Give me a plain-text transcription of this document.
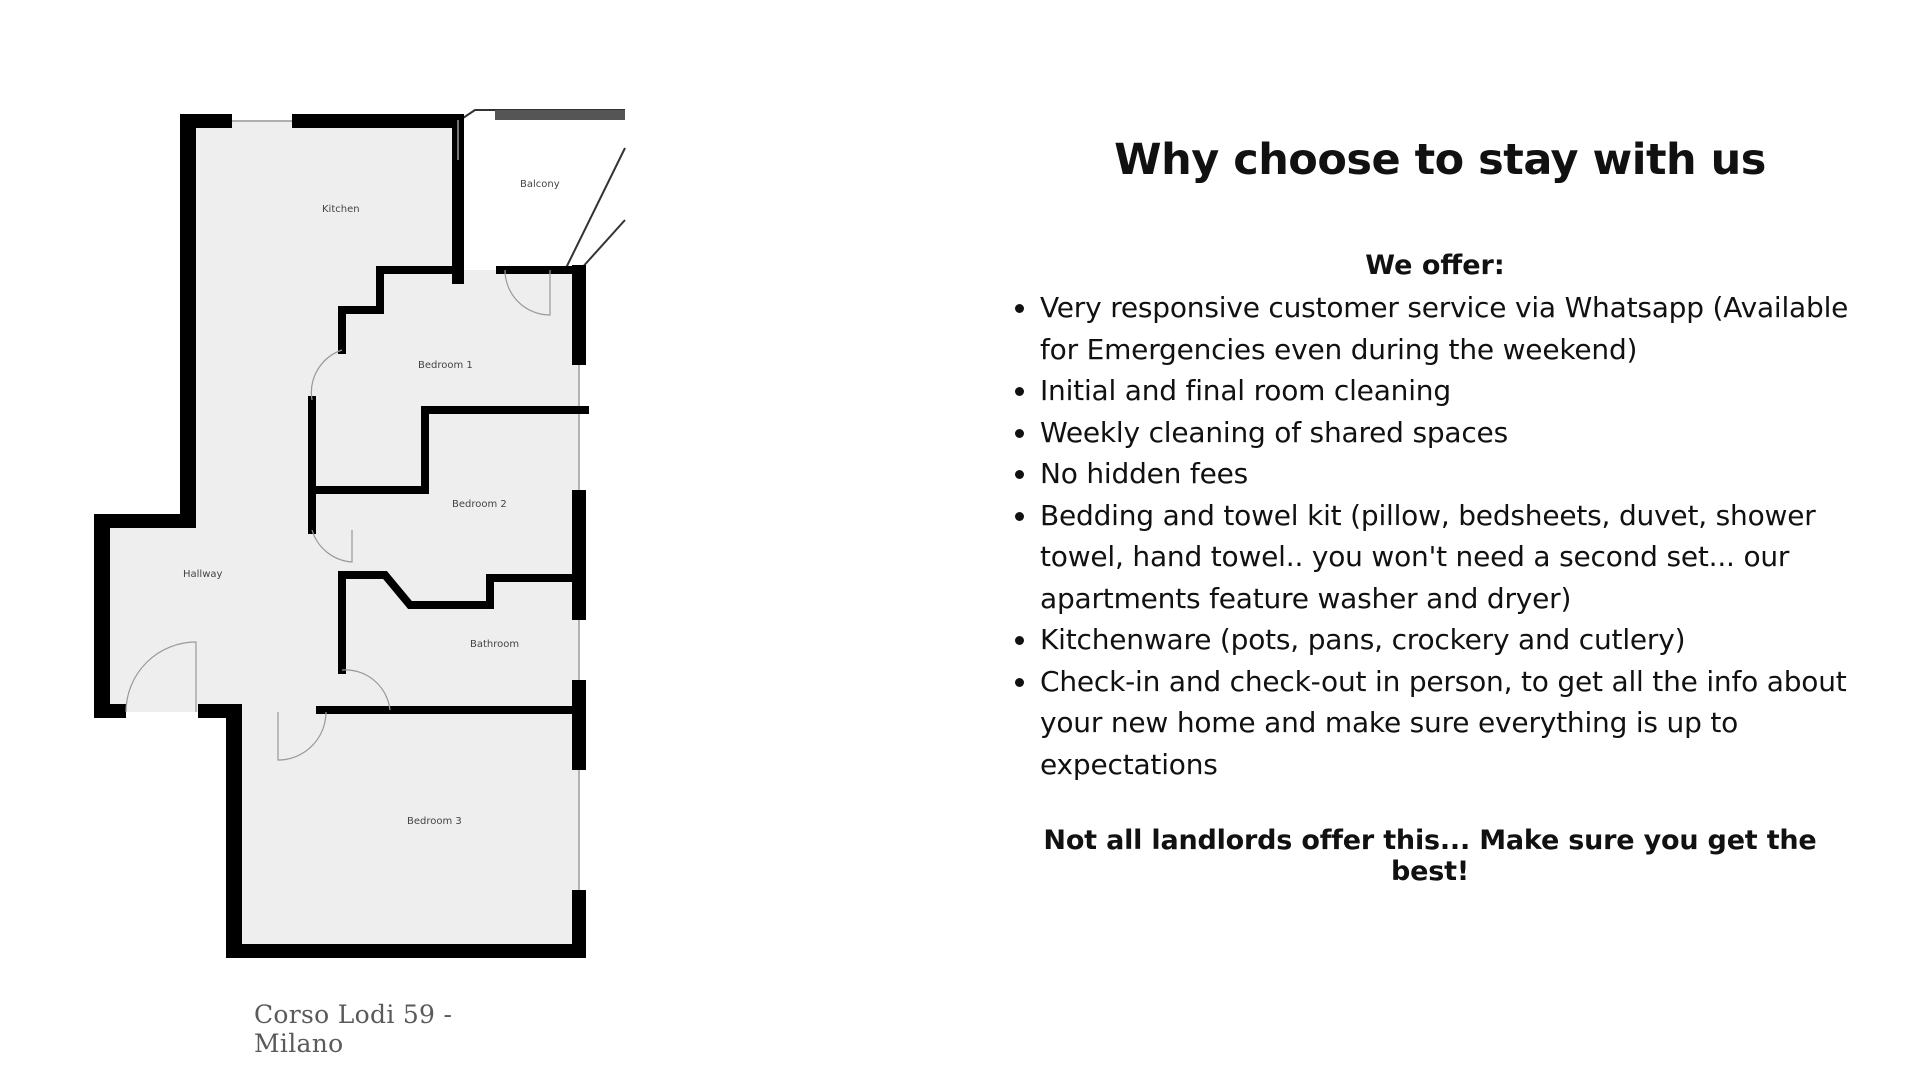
Kitchen
Balcony
Bedroom 1
Bedroom 2
Hallway
Bathroom
Bedroom 3
Corso Lodi 59 - Milano
Why choose to stay with us
We offer:
Very responsive customer service via Whatsapp (Available for Emergencies even during the weekend)
Initial and final room cleaning
Weekly cleaning of shared spaces
No hidden fees
Bedding and towel kit (pillow, bedsheets, duvet, shower towel, hand towel.. you won't need a second set... our apartments feature washer and dryer)
Kitchenware (pots, pans, crockery and cutlery)
Check-in and check-out in person, to get all the info about your new home and make sure everything is up to expectations
Not all landlords offer this... Make sure you get the best!
